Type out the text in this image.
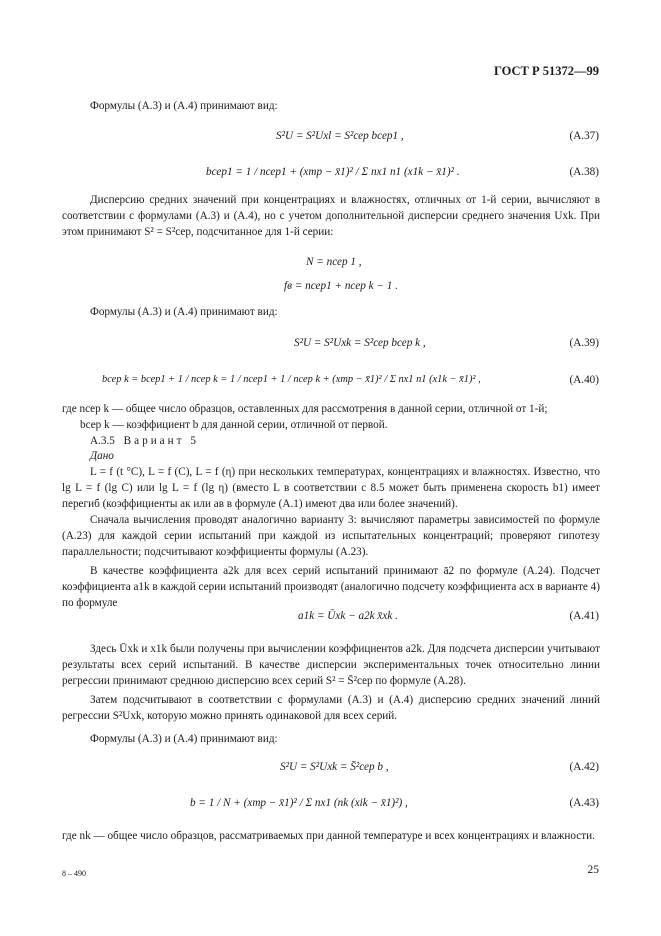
ГОСТ Р 51372—99
Формулы (А.3) и (А.4) принимают вид:
S²U = S²Uxl = S²сер bсер1 ,	(А.37)
bсер1 = 1 / nсер1 + (xтр − x̄1)² / Σ nx1 n1 (x1k − x̄1)² .	(А.38)
Дисперсию средних значений при концентрациях и влажностях, отличных от 1-й серии, вычисляют в соответствии с формулами (А.3) и (А.4), но с учетом дополнительной дисперсии среднего значения Uxk. При этом принимают S² = S²сер, подсчитанное для 1-й серии:
N = nсер 1 ,
fв = nсер1 + nсер k − 1 .
Формулы (А.3) и (А.4) принимают вид:
S²U = S²Uxk = S²сер bсер k ,	(А.39)
bсер k = bсер1 + 1 / nсер k = 1 / nсер1 + 1 / nсер k + (xтр − x̄1)² / Σ nx1 n1 (x1k − x̄1)² ,	(А.40)
где nсер k — общее число образцов, оставленных для рассмотрения в данной серии, отличной от 1-й;
bсер k — коэффициент b для данной серии, отличной от первой.
А.3.5 Вариант 5
Дано
L = f (t °C), L = f (C), L = f (η) при нескольких температурах, концентрациях и влажностях. Известно, что lg L = f (lg C) или lg L = f (lg η) (вместо L в соответствии с 8.5 может быть применена скорость b1) имеет перегиб (коэффициенты aк или aв в формуле (А.1) имеют два или более значений).
Сначала вычисления проводят аналогично варианту 3: вычисляют параметры зависимостей по формуле (А.23) для каждой серии испытаний при каждой из испытательных концентраций; проверяют гипотезу параллельности; подсчитывают коэффициенты формулы (А.23).
В качестве коэффициента a2k для всех серий испытаний принимают ā2 по формуле (А.24). Подсчет коэффициента a1k в каждой серии испытаний производят (аналогично подсчету коэффициента aсх в варианте 4) по формуле
a1k = Ūxk − a2k x̄xk .	(А.41)
Здесь Ūxk и x1k были получены при вычислении коэффициентов a2k. Для подсчета дисперсии учитывают результаты всех серий испытаний. В качестве дисперсии экспериментальных точек относительно линии регрессии принимают среднюю дисперсию всех серий S² = S̄²сер по формуле (А.28).
Затем подсчитывают в соответствии с формулами (А.3) и (А.4) дисперсию средних значений линий регрессии S²Uxk, которую можно принять одинаковой для всех серий.
Формулы (А.3) и (А.4) принимают вид:
S²U = S²Uxk = S̄²сер b ,	(А.42)
b = 1 / N + (xтр − x̄1)² / Σ nx1 (nk (xik − x̄1)²) ,	(А.43)
где nk — общее число образцов, рассматриваемых при данной температуре и всех концентрациях и влажности.
8 – 490	25
